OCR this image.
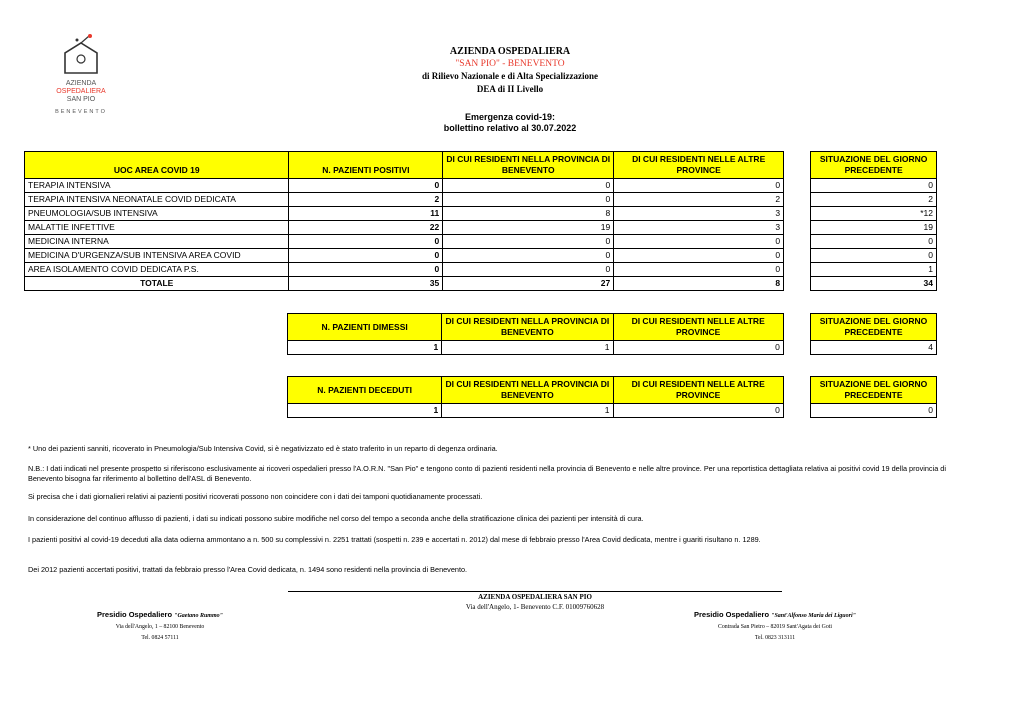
AZIENDA
OSPEDALIERA
SAN PIO
BENEVENTO
AZIENDA OSPEDALIERA
"SAN PIO" - BENEVENTO
di Rilievo Nazionale e di Alta Specializzazione
DEA di II Livello
Emergenza covid-19:
bollettino relativo al 30.07.2022
UOC AREA COVID 19	N. PAZIENTI POSITIVI	DI CUI RESIDENTI NELLA PROVINCIA DI BENEVENTO	DI CUI RESIDENTI NELLE ALTRE PROVINCE		SITUAZIONE DEL GIORNO PRECEDENTE
TERAPIA INTENSIVA	0	0	0		0
TERAPIA INTENSIVA NEONATALE COVID DEDICATA	2	0	2		2
PNEUMOLOGIA/SUB INTENSIVA	11	8	3		*12
MALATTIE INFETTIVE	22	19	3		19
MEDICINA INTERNA	0	0	0		0
MEDICINA D'URGENZA/SUB INTENSIVA AREA COVID	0	0	0		0
AREA ISOLAMENTO COVID DEDICATA P.S.	0	0	0		1
TOTALE	35	27	8		34
N. PAZIENTI DIMESSI	DI CUI RESIDENTI NELLA PROVINCIA DI BENEVENTO	DI CUI RESIDENTI NELLE ALTRE PROVINCE		SITUAZIONE DEL GIORNO PRECEDENTE
1	1	0		4
N. PAZIENTI DECEDUTI	DI CUI RESIDENTI NELLA PROVINCIA DI BENEVENTO	DI CUI RESIDENTI NELLE ALTRE PROVINCE		SITUAZIONE DEL GIORNO PRECEDENTE
1	1	0		0
* Uno dei pazienti sanniti, ricoverato in Pneumologia/Sub Intensiva Covid, si è negativizzato ed è stato traferito in un reparto di degenza ordinaria.
N.B.: I dati indicati nel presente prospetto si riferiscono esclusivamente ai ricoveri ospedalieri presso l'A.O.R.N. "San Pio" e tengono conto di pazienti residenti nella provincia di Benevento e nelle altre province. Per una reportistica dettagliata relativa ai positivi covid 19 della provincia di Benevento bisogna far riferimento al bollettino dell'ASL di Benevento.
Si precisa che i dati giornalieri relativi ai pazienti positivi ricoverati possono non coincidere con i dati dei tamponi quotidianamente processati.
In considerazione del continuo afflusso di pazienti, i dati su indicati possono subire modifiche nel corso del tempo a seconda anche della stratificazione clinica dei pazienti per intensità di cura.
I pazienti positivi al covid-19 deceduti alla data odierna ammontano a n. 500 su complessivi n. 2251 trattati (sospetti n. 239 e accertati n. 2012) dal mese di febbraio presso l'Area Covid dedicata, mentre i guariti risultano n. 1289.
Dei 2012 pazienti accertati positivi, trattati da febbraio presso l'Area Covid dedicata, n. 1494 sono residenti nella provincia di Benevento.
AZIENDA OSPEDALIERA SAN PIO
Via dell'Angelo, 1- Benevento C.F. 01009760628
Presidio Ospedaliero "Gaetano Rummo"
Via dell'Angelo, 1 – 82100 Benevento
Tel. 0824 57111
Presidio Ospedaliero "Sant'Alfonso Maria dei Liguori"
Contrada San Pietro – 82019 Sant'Agata dei Goti
Tel. 0823 313111
